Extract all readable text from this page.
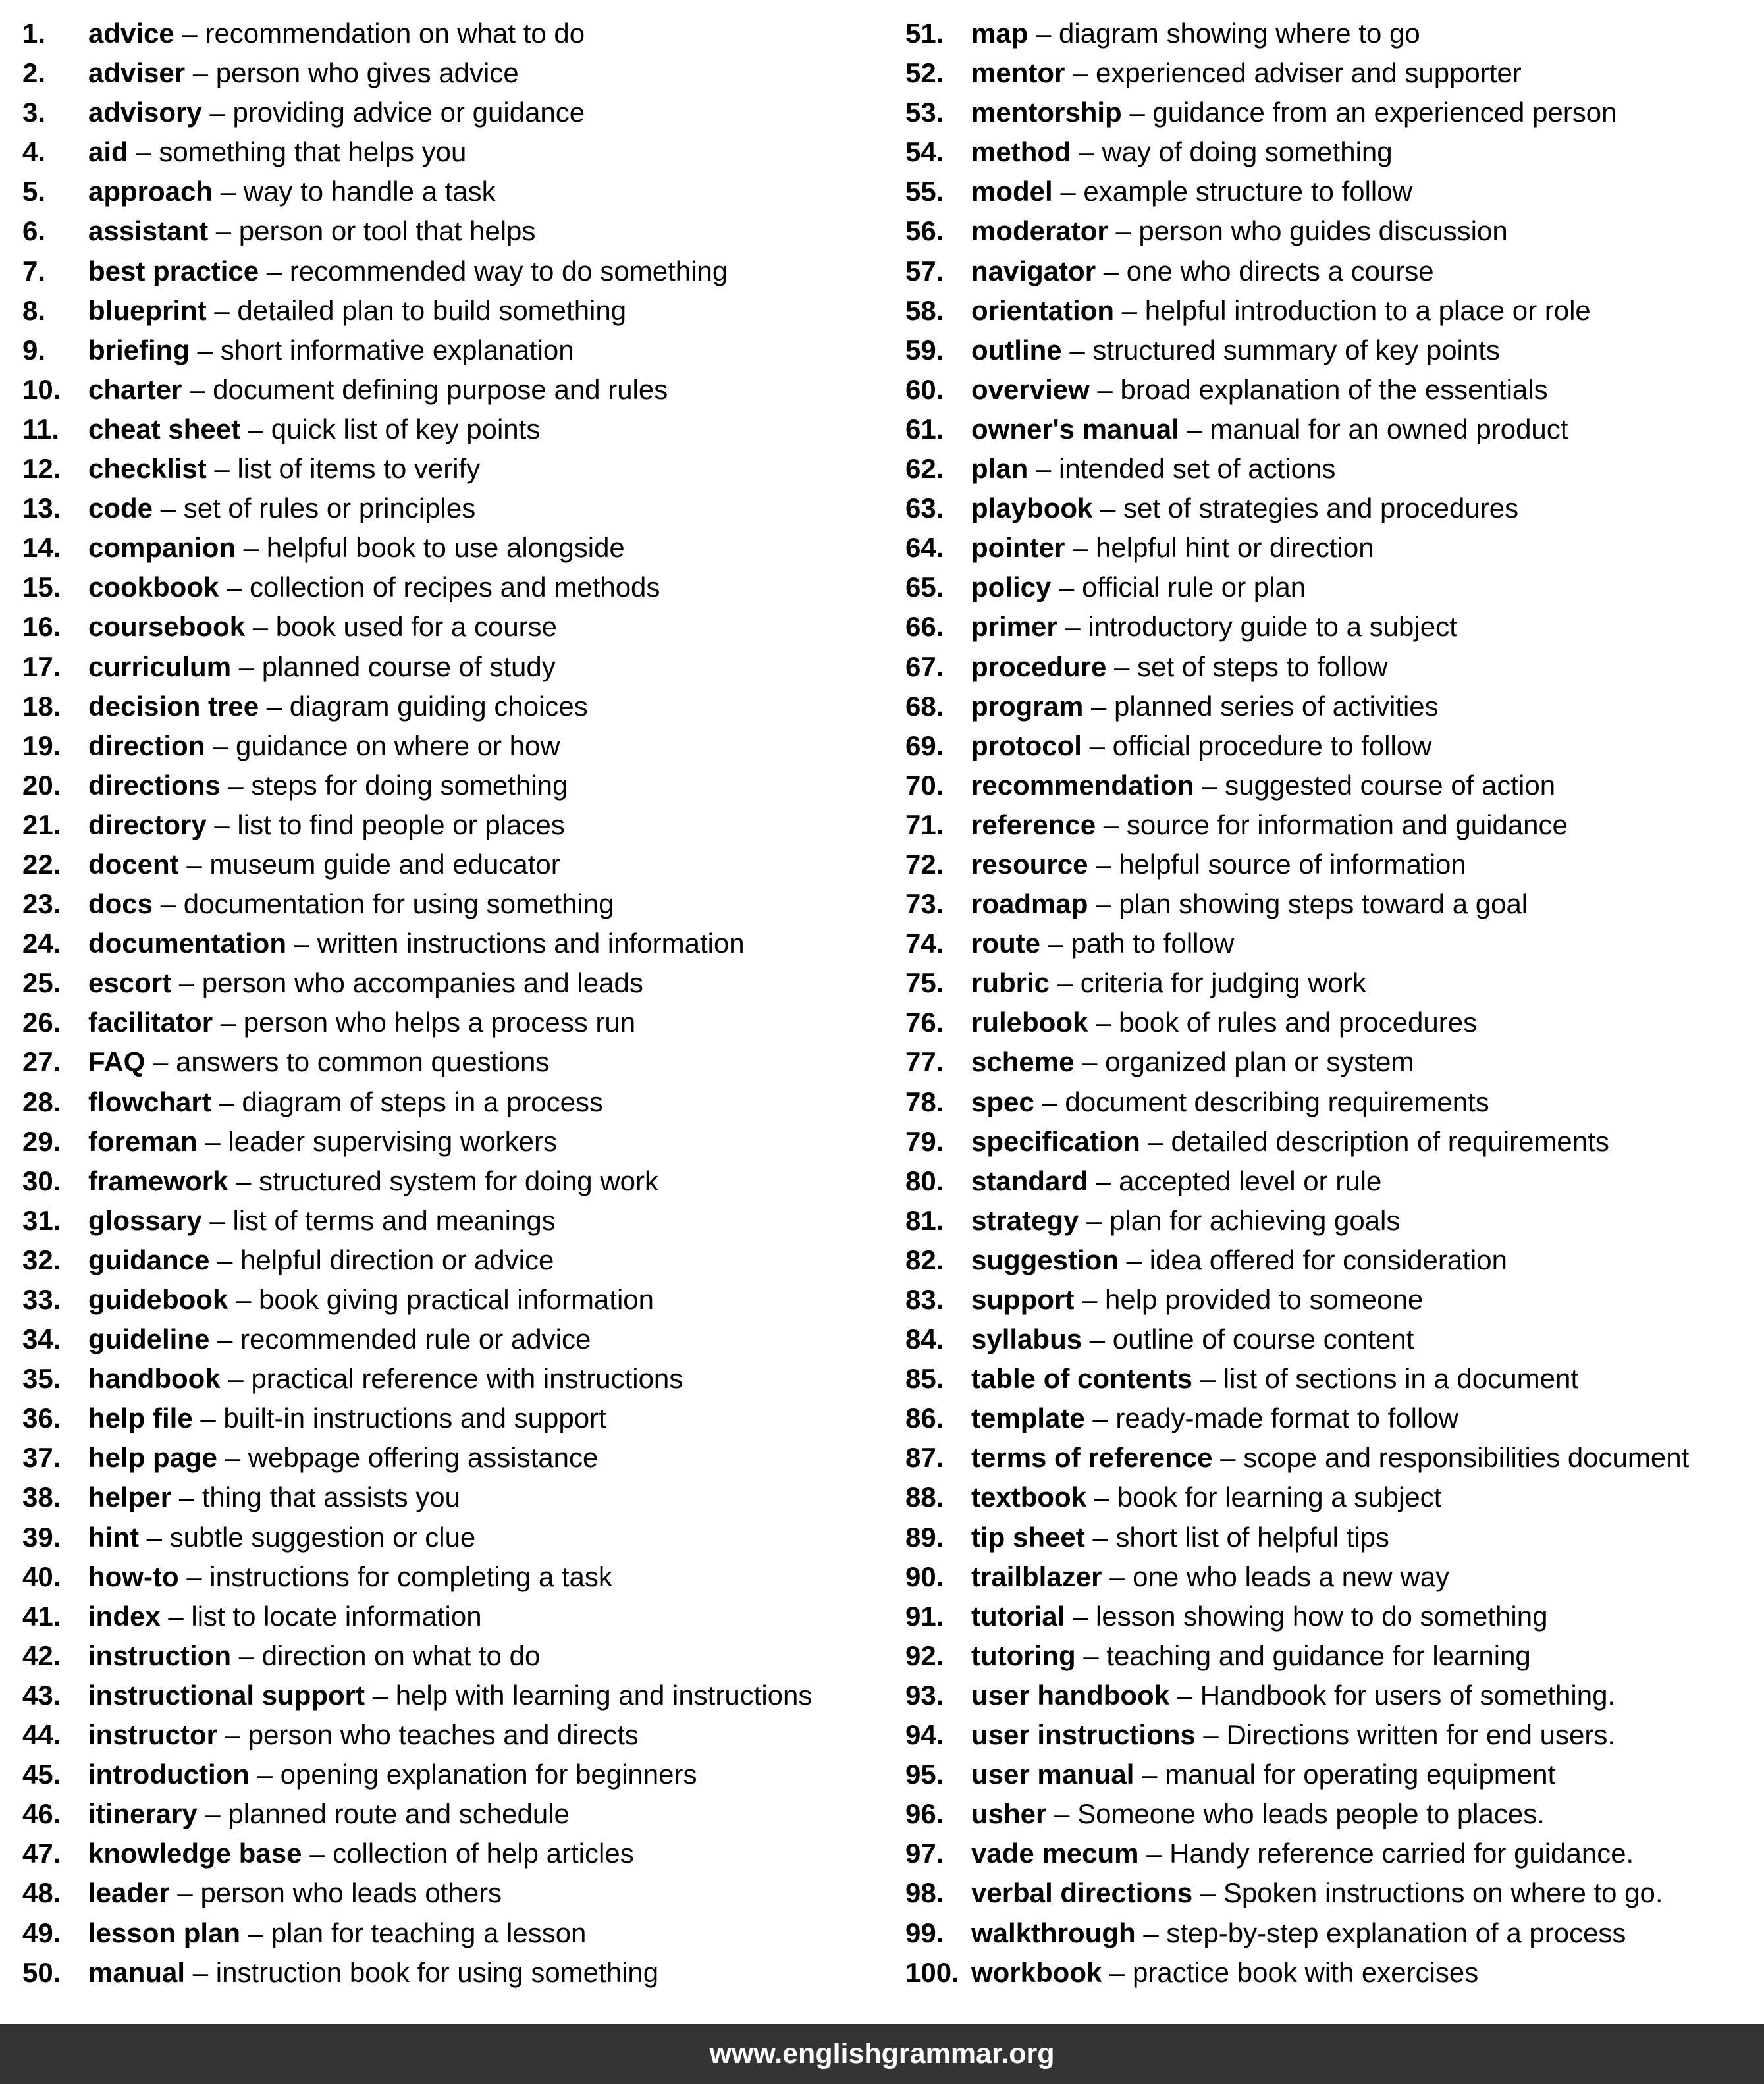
1.	advice – recommendation on what to do
2.	adviser – person who gives advice
3.	advisory – providing advice or guidance
4.	aid – something that helps you
5.	approach – way to handle a task
6.	assistant – person or tool that helps
7.	best practice – recommended way to do something
8.	blueprint – detailed plan to build something
9.	briefing – short informative explanation
10. charter – document defining purpose and rules
11.	cheat sheet – quick list of key points
12. checklist – list of items to verify
13. code – set of rules or principles
14. companion – helpful book to use alongside
15. cookbook – collection of recipes and methods
16. coursebook – book used for a course
17. curriculum – planned course of study
18. decision tree – diagram guiding choices
19. direction – guidance on where or how
20. directions – steps for doing something
21. directory – list to find people or places
22. docent – museum guide and educator
23. docs – documentation for using something
24. documentation – written instructions and information
25. escort – person who accompanies and leads
26. facilitator – person who helps a process run
27. FAQ – answers to common questions
28. flowchart – diagram of steps in a process
29. foreman – leader supervising workers
30. framework – structured system for doing work
31. glossary – list of terms and meanings
32. guidance – helpful direction or advice
33. guidebook – book giving practical information
34. guideline – recommended rule or advice
35. handbook – practical reference with instructions
36. help file – built-in instructions and support
37. help page – webpage offering assistance
38. helper – thing that assists you
39. hint – subtle suggestion or clue
40. how-to – instructions for completing a task
41. index – list to locate information
42. instruction – direction on what to do
43. instructional support – help with learning and instructions
44. instructor – person who teaches and directs
45. introduction – opening explanation for beginners
46. itinerary – planned route and schedule
47. knowledge base – collection of help articles
48. leader – person who leads others
49. lesson plan – plan for teaching a lesson
50. manual – instruction book for using something
51. map – diagram showing where to go
52. mentor – experienced adviser and supporter
53. mentorship – guidance from an experienced person
54. method – way of doing something
55. model – example structure to follow
56. moderator – person who guides discussion
57. navigator – one who directs a course
58. orientation – helpful introduction to a place or role
59. outline – structured summary of key points
60. overview – broad explanation of the essentials
61. owner's manual – manual for an owned product
62. plan – intended set of actions
63. playbook – set of strategies and procedures
64. pointer – helpful hint or direction
65. policy – official rule or plan
66. primer – introductory guide to a subject
67. procedure – set of steps to follow
68. program – planned series of activities
69. protocol – official procedure to follow
70. recommendation – suggested course of action
71. reference – source for information and guidance
72. resource – helpful source of information
73. roadmap – plan showing steps toward a goal
74. route – path to follow
75. rubric – criteria for judging work
76. rulebook – book of rules and procedures
77. scheme – organized plan or system
78. spec – document describing requirements
79. specification – detailed description of requirements
80. standard – accepted level or rule
81. strategy – plan for achieving goals
82. suggestion – idea offered for consideration
83. support – help provided to someone
84. syllabus – outline of course content
85. table of contents – list of sections in a document
86. template – ready-made format to follow
87. terms of reference – scope and responsibilities document
88. textbook – book for learning a subject
89. tip sheet – short list of helpful tips
90. trailblazer – one who leads a new way
91. tutorial – lesson showing how to do something
92. tutoring – teaching and guidance for learning
93. user handbook – Handbook for users of something.
94. user instructions – Directions written for end users.
95. user manual – manual for operating equipment
96. usher – Someone who leads people to places.
97. vade mecum – Handy reference carried for guidance.
98. verbal directions – Spoken instructions on where to go.
99. walkthrough – step-by-step explanation of a process
100. workbook – practice book with exercises
www.englishgrammar.org
